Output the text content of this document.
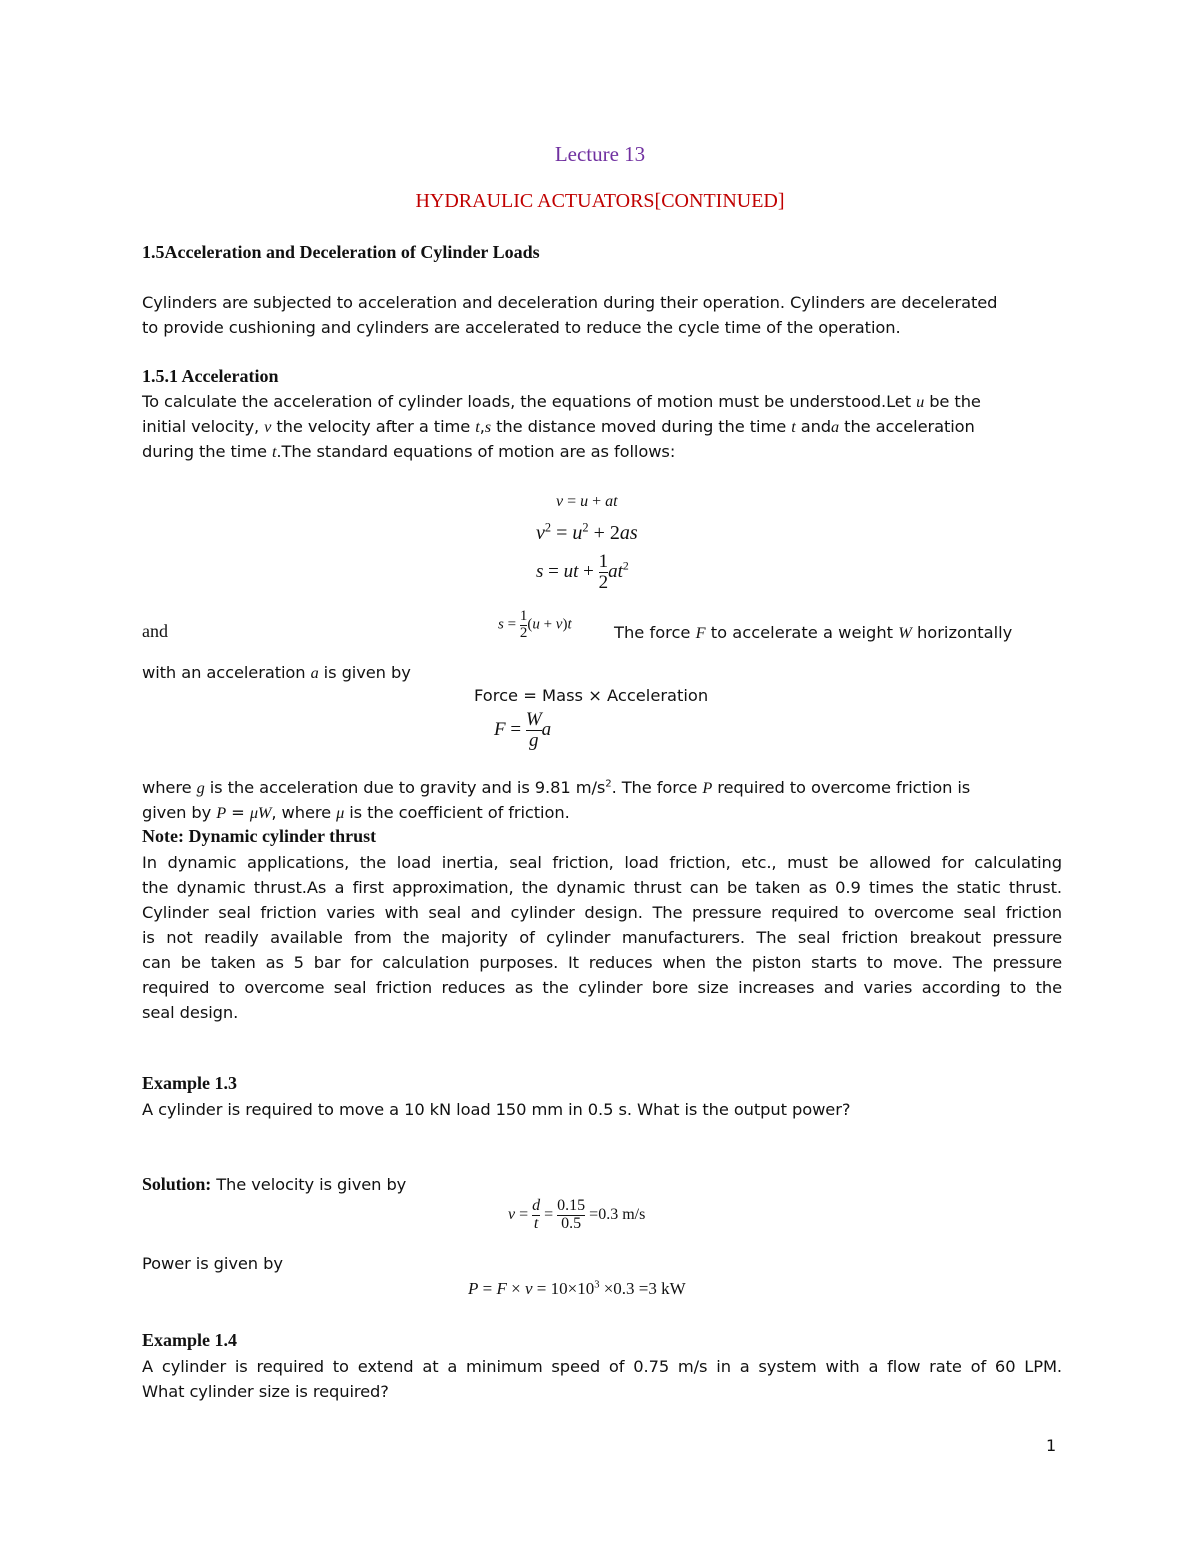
Lecture 13
HYDRAULIC ACTUATORS[CONTINUED]
1.5Acceleration and Deceleration of Cylinder Loads
Cylinders are subjected to acceleration and deceleration during their operation. Cylinders are decelerated
to provide cushioning and cylinders are accelerated to reduce the cycle time of the operation.
1.5.1 Acceleration
To calculate the acceleration of cylinder loads, the equations of motion must be understood.Let u be the
initial velocity, v the velocity after a time t,s the distance moved during the time t anda the acceleration
during the time t.The standard equations of motion are as follows:
v = u + at
$v^2 = u^2 + 2as$
s = ut + $\frac{1}{2} at^2$
and	$s = \frac{1}{2} (u + v)t$	The force F to accelerate a weight W horizontally
with an acceleration a is given by
Force = Mass × Acceleration
$F = \frac{W}{g}$ a
where g is the acceleration due to gravity and is 9.81 $m/s^2$. The force P required to overcome friction is
given by P = μW, where μ is the coefficient of friction.
Note: Dynamic cylinder thrust
In dynamic applications, the load inertia, seal friction, load friction, etc., must be allowed for calculating
the dynamic thrust.As a first approximation, the dynamic thrust can be taken as 0.9 times the static thrust.
Cylinder seal friction varies with seal and cylinder design. The pressure required to overcome seal friction
is not readily available from the majority of cylinder manufacturers. The seal friction breakout pressure
can be taken as 5 bar for calculation purposes. It reduces when the piston starts to move. The pressure
required to overcome seal friction reduces as the cylinder bore size increases and varies according to the
seal design.
Example 1.3
A cylinder is required to move a 10 kN load 150 mm in 0.5 s. What is the output power?
Solution: The velocity is given by
$v = \frac{d}{t} = \frac{0.15}{0.5} =0.3$ m/s
Power is given by
$P = F \times v = 10\times 10^3 \times 0.3 =3$ kW
Example 1.4
A cylinder is required to extend at a minimum speed of 0.75 m/s in a system with a flow rate of 60 LPM.
What cylinder size is required?
1
